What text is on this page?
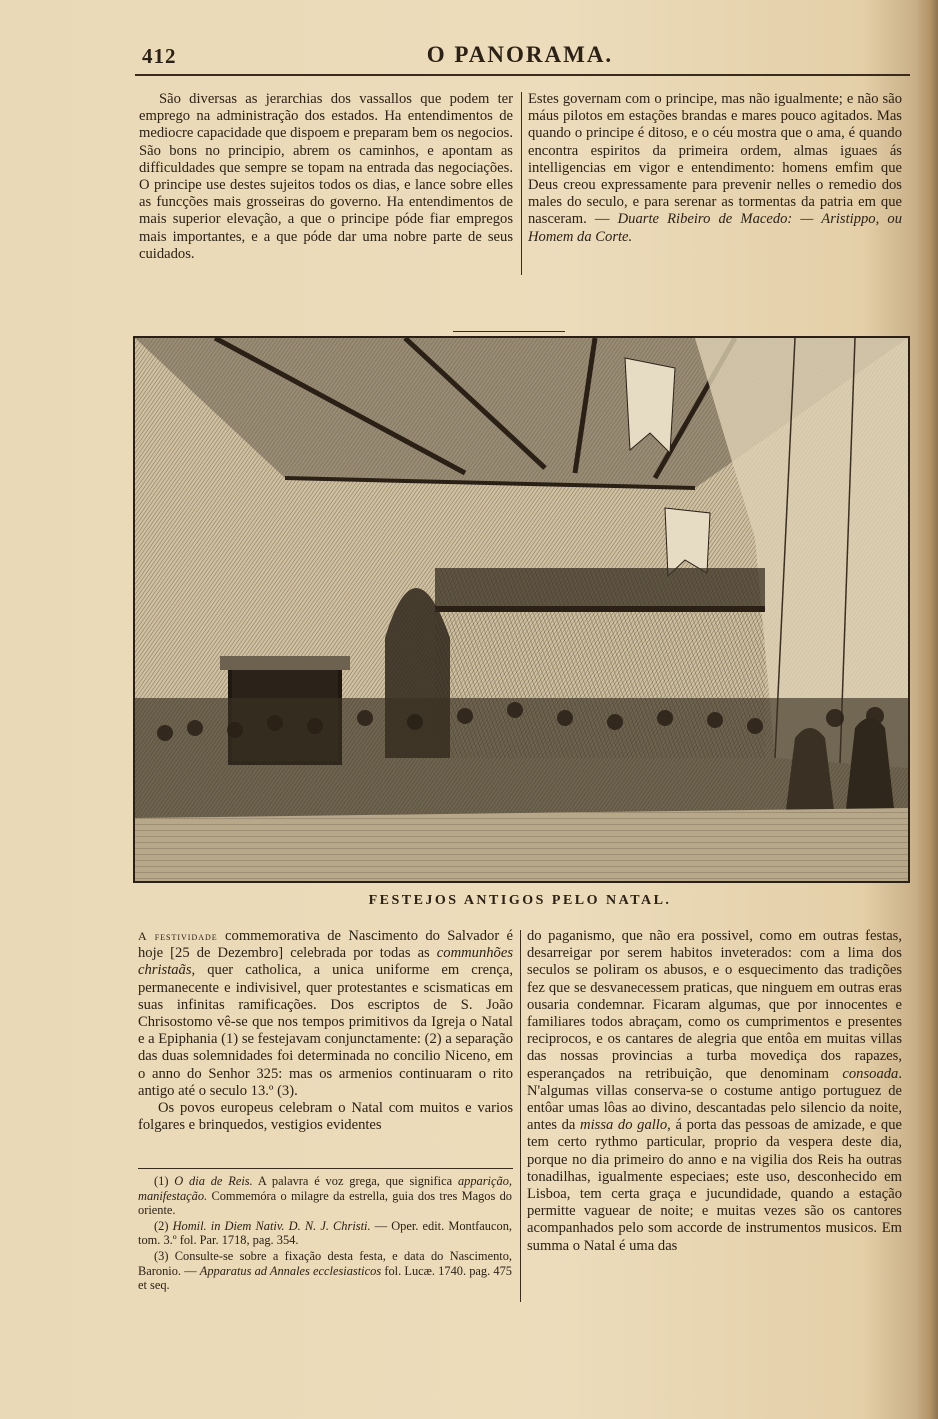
412	O PANORAMA.

São diversas as jerarchias dos vassallos que podem ter emprego na administração dos estados. Ha entendimentos de mediocre capacidade que dispoem e preparam bem os negocios. São bons no principio, abrem os caminhos, e apontam as difficuldades que sempre se topam na entrada das negociações. O principe use destes sujeitos todos os dias, e lance sobre elles as funcções mais grosseiras do governo. Ha entendimentos de mais superior elevação, a que o principe póde fiar empregos mais importantes, e a que póde dar uma nobre parte de seus cuidados.

Estes governam com o principe, mas não igualmente; e não são máus pilotos em estações brandas e mares pouco agitados. Mas quando o principe é ditoso, e o céu mostra que o ama, é quando encontra espiritos da primeira ordem, almas iguaes ás intelligencias em vigor e entendimento: homens emfim que Deus creou expressamente para prevenir nelles o remedio dos males do seculo, e para serenar as tormentas da patria em que nasceram. — Duarte Ribeiro de Macedo: — Aristippo, ou Homem da Corte.

FESTEJOS ANTIGOS PELO NATAL.

A festividade commemorativa de Nascimento do Salvador é hoje [25 de Dezembro] celebrada por todas as communhões christaãs, quer catholica, a unica uniforme em crença, permanecente e indivisivel, quer protestantes e scismaticas em suas infinitas ramificações. Dos escriptos de S. João Chrisostomo vê-se que nos tempos primitivos da Igreja o Natal e a Epiphania (1) se festejavam conjunctamente: (2) a separação das duas solemnidades foi determinada no concilio Niceno, em o anno do Senhor 325: mas os armenios continuaram o rito antigo até o seculo 13.º (3).

Os povos europeus celebram o Natal com muitos e varios folgares e brinquedos, vestigios evidentes

(1) O dia de Reis. A palavra é voz grega, que significa apparição, manifestação. Commemóra o milagre da estrella, guia dos tres Magos do oriente.

(2) Homil. in Diem Nativ. D. N. J. Christi. — Oper. edit. Montfaucon, tom. 3.º fol. Par. 1718, pag. 354.

(3) Consulte-se sobre a fixação desta festa, e data do Nascimento, Baronio. — Apparatus ad Annales ecclesiasticos fol. Lucæ. 1740. pag. 475 et seq.

do paganismo, que não era possivel, como em outras festas, desarreigar por serem habitos inveterados: com a lima dos seculos se poliram os abusos, e o esquecimento das tradições fez que se desvanecessem praticas, que ninguem em outras eras ousaria condemnar. Ficaram algumas, que por innocentes e familiares todos abraçam, como os cumprimentos e presentes reciprocos, e os cantares de alegria que entôa em muitas villas das nossas provincias a turba movediça dos rapazes, esperançados na retribuição, que denominam consoada. N'algumas villas conserva-se o costume antigo portuguez de entôar umas lôas ao divino, descantadas pelo silencio da noite, antes da missa do gallo, á porta das pessoas de amizade, e que tem certo rythmo particular, proprio da vespera deste dia, porque no dia primeiro do anno e na vigilia dos Reis ha outras tonadilhas, igualmente especiaes; este uso, desconhecido em Lisboa, tem certa graça e jucundidade, quando a estação permitte vaguear de noite; e muitas vezes são os cantores acompanhados pelo som accorde de instrumentos musicos. Em summa o Natal é uma das
